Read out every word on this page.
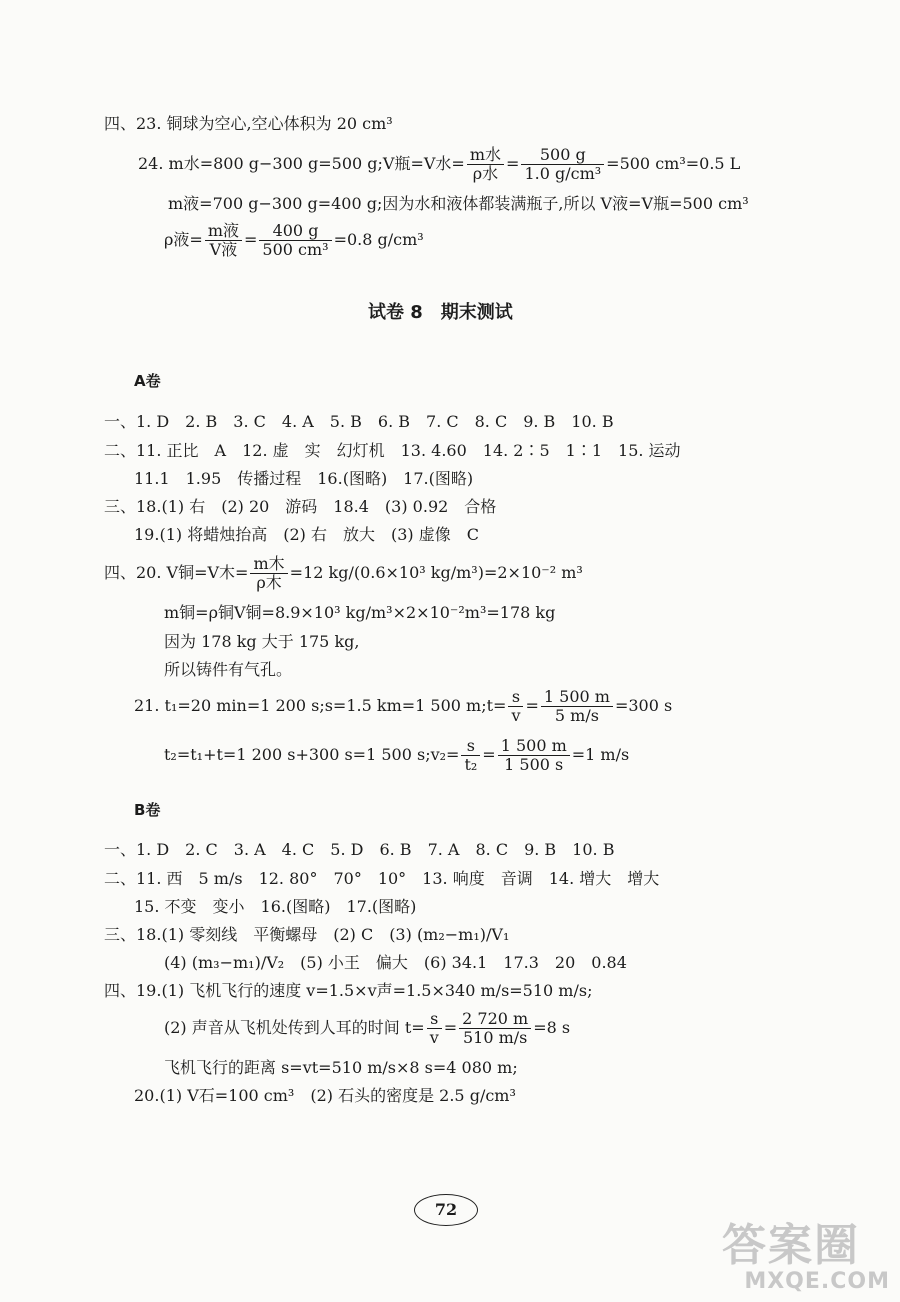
四、23. 铜球为空心,空心体积为 20 cm³
24. m水=800 g−300 g=500 g;V瓶=V水= $\frac{\text{m水}}{\text{ρ水}} = \frac{500 g}{\text{1.0 g/cm³}} =500$ cm³=0.5 L
m液=700 g−300 g=400 g;因为水和液体都装满瓶子,所以 V液=V瓶=500 cm³
ρ液= $\frac{\text{m液}}{\text{V液}} = \frac{400 g}{\text{500 cm³}} =0.8$ g/cm³
试卷 8　期末测试
A卷
一、1. D　2. B　3. C　4. A　5. B　6. B　7. C　8. C　9. B　10. B
二、11. 正比　A　12. 虚　实　幻灯机　13. 4.60　14. 2∶5　1∶1　15. 运动
11.1　1.95　传播过程　16.(图略)　17.(图略)
三、18.(1) 右　(2) 20　游码　18.4　(3) 0.92　合格
19.(1) 将蜡烛抬高　(2) 右　放大　(3) 虚像　C
四、20. V铜=V木= $\frac{\text{m木}}{\text{ρ木}} =12$ kg/(0.6×10³ kg/m³)=2×10⁻² m³
m铜=ρ铜V铜=8.9×10³ kg/m³×2×10⁻²m³=178 kg
因为 178 kg 大于 175 kg,
所以铸件有气孔。
21. t₁=20 min=1 200 s;s=1.5 km=1 500 m;t= $\frac{s}{v} = \frac{1 500 m}{5 m/s} =300$ s
t₂=t₁+t=1 200 s+300 s=1 500 s;v₂= $\frac{s}{\text{t₂}} = \frac{1 500 m}{1 500 s} =1$ m/s
B卷
一、1. D　2. C　3. A　4. C　5. D　6. B　7. A　8. C　9. B　10. B
二、11. 西　5 m/s　12. 80°　70°　10°　13. 响度　音调　14. 增大　增大
15. 不变　变小　16.(图略)　17.(图略)
三、18.(1) 零刻线　平衡螺母　(2) C　(3) (m₂−m₁)/V₁
(4) (m₃−m₁)/V₂　(5) 小王　偏大　(6) 34.1　17.3　20　0.84
四、19.(1) 飞机飞行的速度 v=1.5×v声=1.5×340 m/s=510 m/s;
(2) 声音从飞机处传到人耳的时间 $t= \frac{s}{v} = \frac{2 720 m}{510 m/s} =8$ s
飞机飞行的距离 s=vt=510 m/s×8 s=4 080 m;
20.(1) V石=100 cm³　(2) 石头的密度是 2.5 g/cm³
72
答案圈
MXQE.COM
